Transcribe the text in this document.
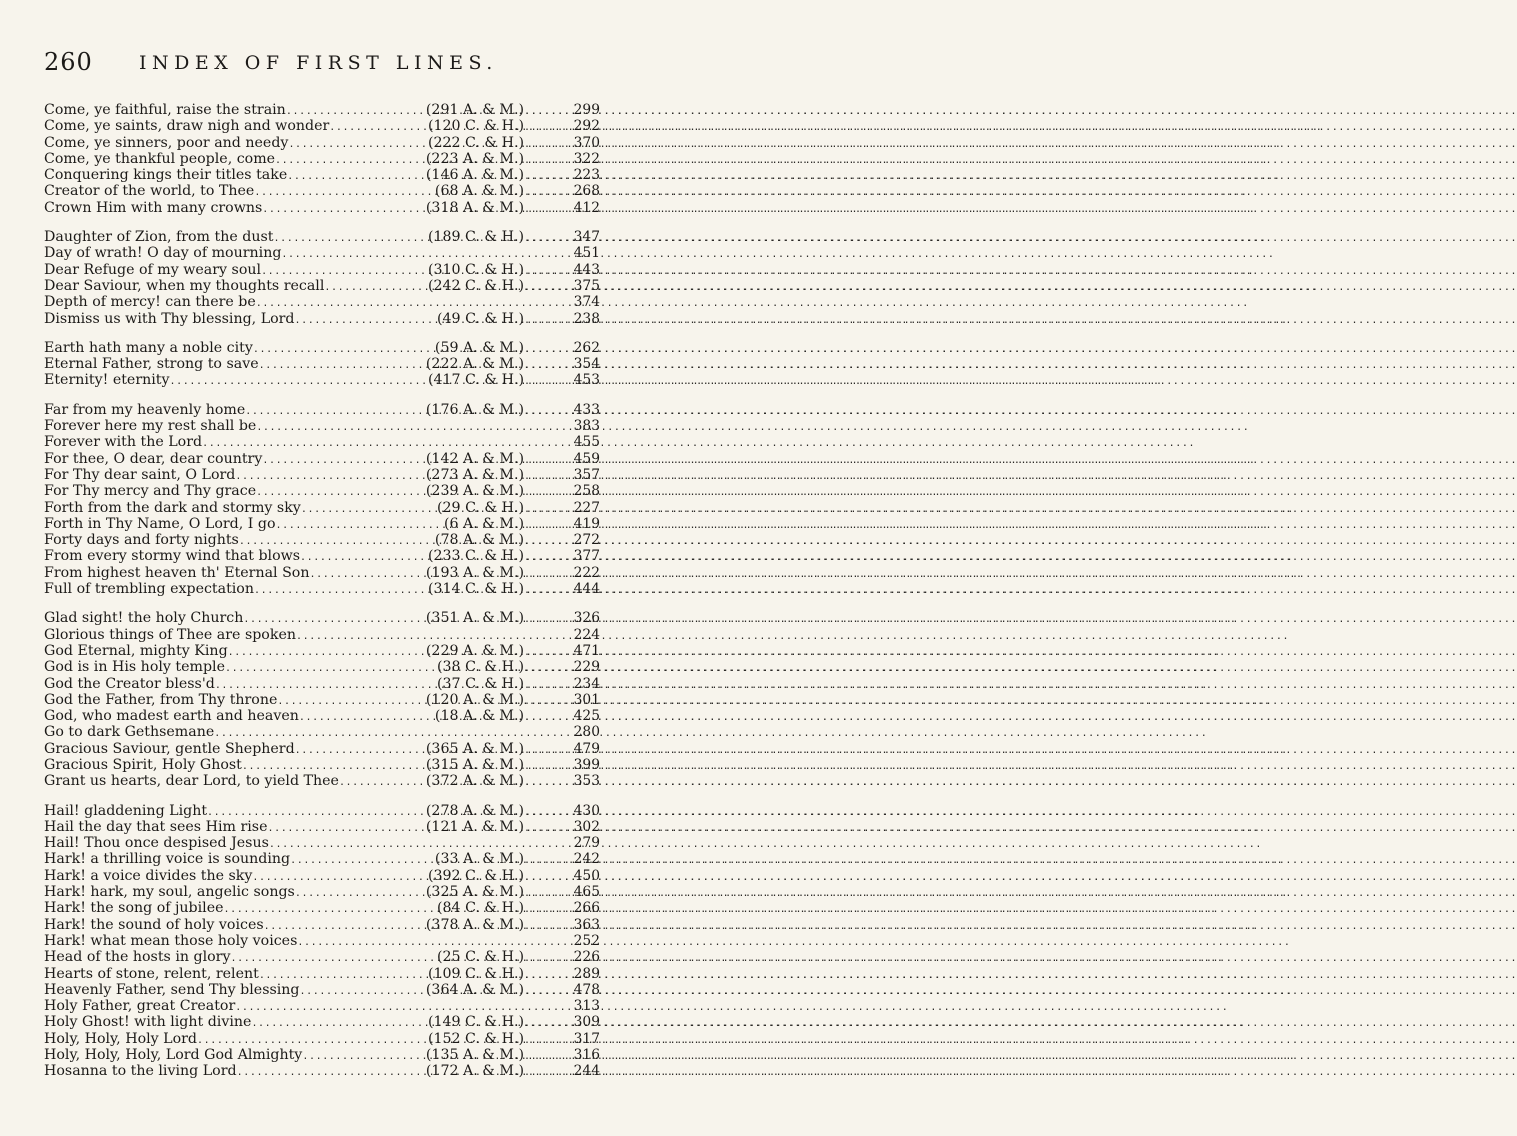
260 INDEX OF FIRST LINES.
Come, ye faithful, raise the strain .....	(291 A. & M.) .....	299
Come, ye saints, draw nigh and wonder .....	(120 C. & H.) .....	292
Come, ye sinners, poor and needy .....	(222 C. & H.) .....	370
Come, ye thankful people, come .....	(223 A. & M.) .....	322
Conquering kings their titles take .....	(146 A. & M.) .....	223
Creator of the world, to Thee .....	(68 A. & M.) .....	268
Crown Him with many crowns .....	(318 A. & M.) .....	412
Daughter of Zion, from the dust .....	(189 C. & H.) .....	347
Day of wrath! O day of mourning .....	451
Dear Refuge of my weary soul .....	(310 C. & H.) .....	443
Dear Saviour, when my thoughts recall .....	(242 C. & H.) .....	375
Depth of mercy! can there be .....	374
Dismiss us with Thy blessing, Lord .....	(49 C. & H.) .....	238
Earth hath many a noble city .....	(59 A. & M.) .....	262
Eternal Father, strong to save .....	(222 A. & M.) .....	354
Eternity! eternity .....	(417 C. & H.) .....	453
Far from my heavenly home .....	(176 A. & M.) .....	433
Forever here my rest shall be .....	383
Forever with the Lord .....	455
For thee, O dear, dear country .....	(142 A. & M.) .....	459
For Thy dear saint, O Lord .....	(273 A. & M.) .....	357
For Thy mercy and Thy grace .....	(239 A. & M.) .....	258
Forth from the dark and stormy sky .....	(29 C. & H.) .....	227
Forth in Thy Name, O Lord, I go .....	(6 A. & M.) .....	419
Forty days and forty nights .....	(78 A. & M.) .....	272
From every stormy wind that blows .....	(233 C. & H.) .....	377
From highest heaven th' Eternal Son .....	(193 A. & M.) .....	222
Full of trembling expectation .....	(314 C. & H.) .....	444
Glad sight! the holy Church .....	(351 A. & M.) .....	326
Glorious things of Thee are spoken .....	224
God Eternal, mighty King .....	(229 A. & M.) .....	471
God is in His holy temple .....	(38 C. & H.) .....	229
God the Creator bless'd .....	(37 C. & H.) .....	234
God the Father, from Thy throne .....	(120 A. & M.) .....	301
God, who madest earth and heaven .....	(18 A. & M.) .....	425
Go to dark Gethsemane .....	280
Gracious Saviour, gentle Shepherd .....	(365 A. & M.) .....	479
Gracious Spirit, Holy Ghost .....	(315 A. & M.) .....	399
Grant us hearts, dear Lord, to yield Thee .....	(372 A. & M.) .....	353
Hail! gladdening Light .....	(278 A. & M.) .....	430
Hail the day that sees Him rise .....	(121 A. & M.) .....	302
Hail! Thou once despised Jesus .....	279
Hark! a thrilling voice is sounding .....	(33 A. & M.) .....	242
Hark! a voice divides the sky .....	(392 C. & H.) .....	450
Hark! hark, my soul, angelic songs .....	(325 A. & M.) .....	465
Hark! the song of jubilee .....	(84 C. & H.) .....	266
Hark! the sound of holy voices .....	(378 A. & M.) .....	363
Hark! what mean those holy voices .....	252
Head of the hosts in glory .....	(25 C. & H.) .....	226
Hearts of stone, relent, relent .....	(109 C. & H.) .....	289
Heavenly Father, send Thy blessing .....	(364 A. & M.) .....	478
Holy Father, great Creator .....	313
Holy Ghost! with light divine .....	(149 C. & H.) .....	309
Holy, Holy, Holy Lord .....	(152 C. & H.) .....	317
Holy, Holy, Holy, Lord God Almighty .....	(135 A. & M.) .....	316
Hosanna to the living Lord .....	(172 A. & M.) .....	244
